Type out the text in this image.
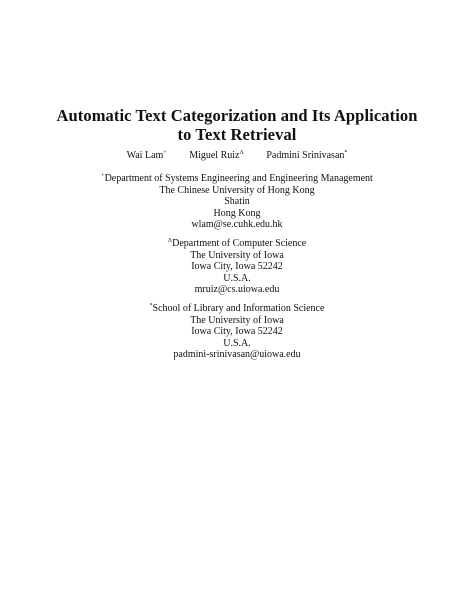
Automatic Text Categorization and Its Application
to Text Retrieval
Wai Lam+ Miguel Ruiz$^\Lambda$ Padmini Srinivasan*
+Department of Systems Engineering and Engineering Management
The Chinese University of Hong Kong
Shatin
Hong Kong
wlam@se.cuhk.edu.hk
$^\Lambda$Department of Computer Science
The University of Iowa
Iowa City, Iowa 52242
U.S.A.
mruiz@cs.uiowa.edu
*School of Library and Information Science
The University of Iowa
Iowa City, Iowa 52242
U.S.A.
padmini-srinivasan@uiowa.edu
